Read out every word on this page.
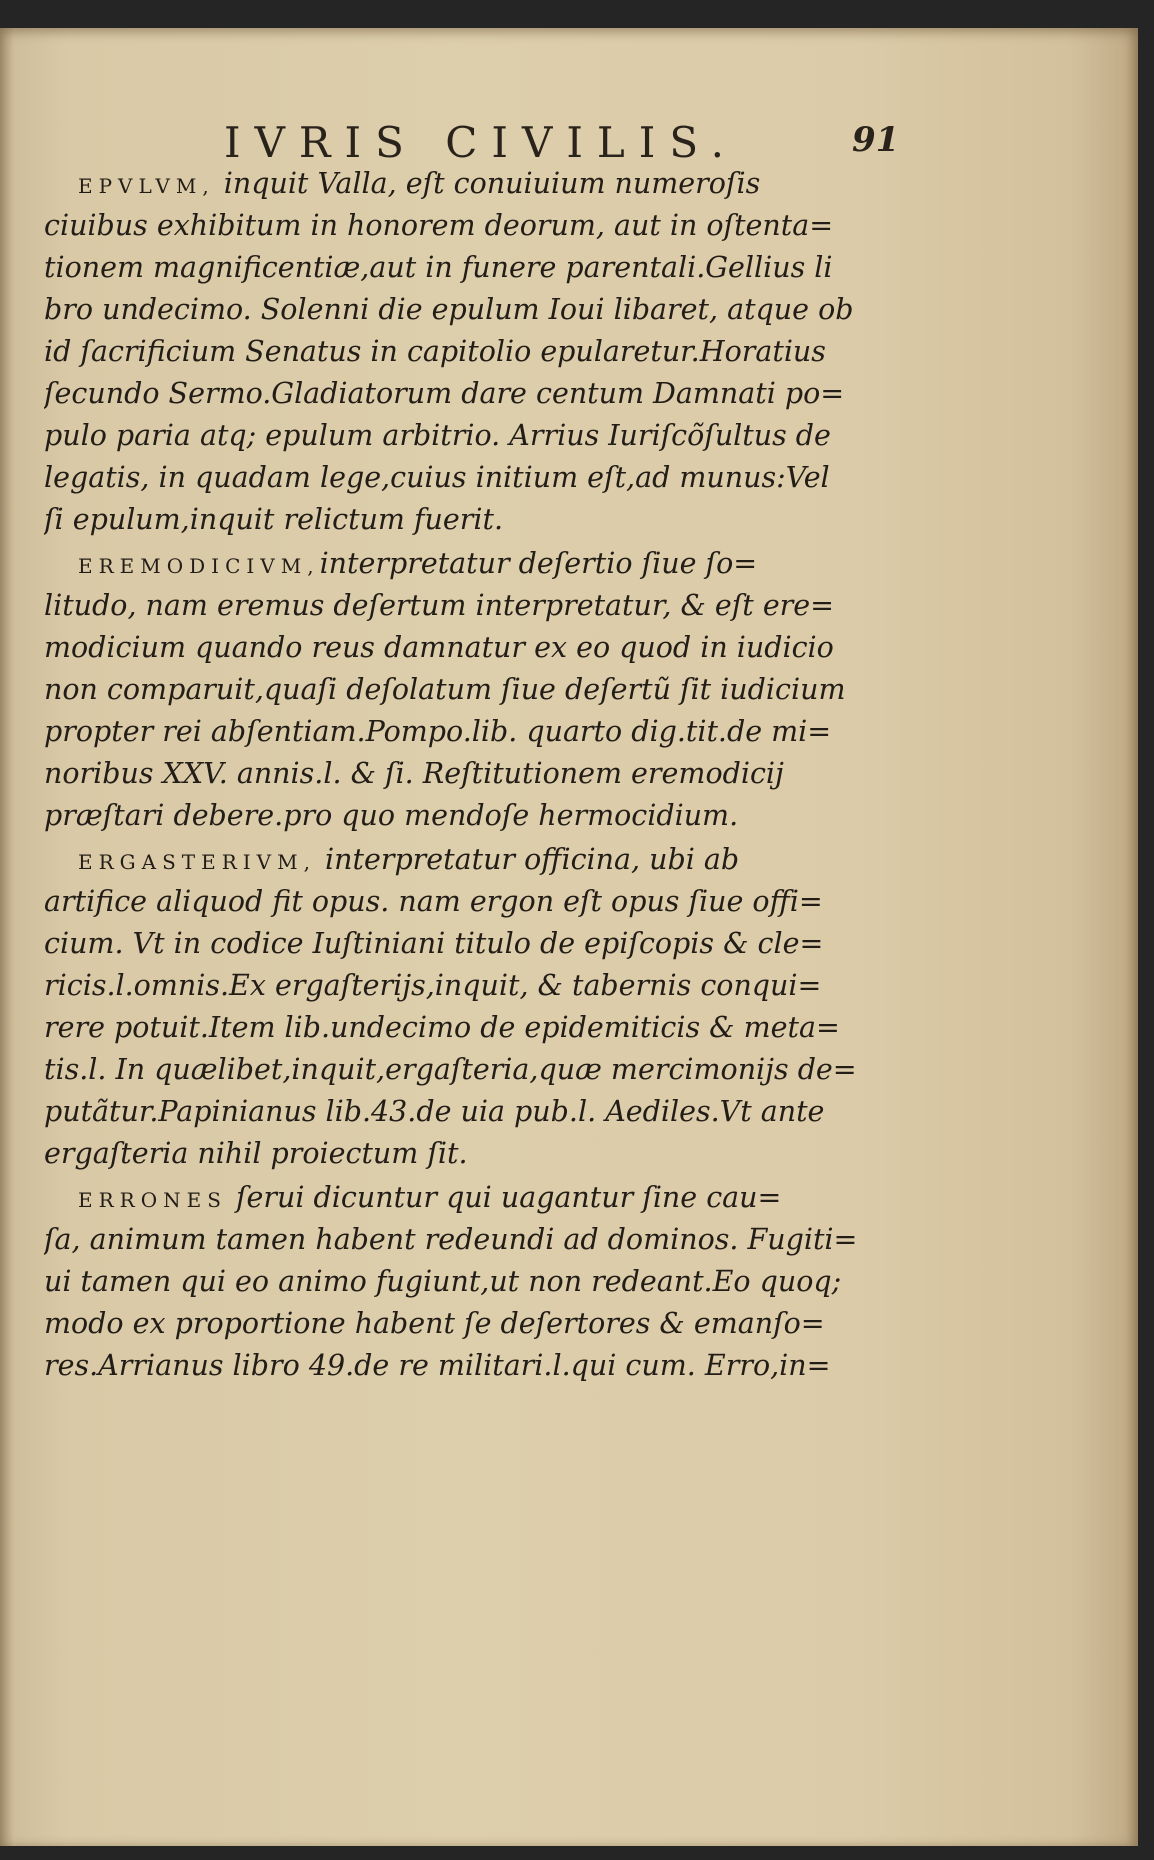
IVRIS CIVILIS.	91
EPVLVM, inquit Valla, eſt conuiuium numeroſis
ciuibus exhibitum in honorem deorum, aut in oſtenta=
tionem magnificentiæ,aut in funere parentali.Gellius li
bro undecimo. Solenni die epulum Ioui libaret, atque ob
id ſacrificium Senatus in capitolio epularetur.Horatius
ſecundo Sermo.Gladiatorum dare centum Damnati po=
pulo paria atq; epulum arbitrio. Arrius Iuriſcõſultus de
legatis, in quadam lege,cuius initium eſt,ad munus:Vel
ſi epulum,inquit relictum fuerit.
EREMODICIVM,interpretatur deſertio ſiue ſo=
litudo, nam eremus deſertum interpretatur, & eſt ere=
modicium quando reus damnatur ex eo quod in iudicio
non comparuit,quaſi deſolatum ſiue deſertũ ſit iudicium
propter rei abſentiam.Pompo.lib. quarto dig.tit.de mi=
noribus XXV. annis.l. & ſi. Reſtitutionem eremodicij
præſtari debere.pro quo mendoſe hermocidium.
ERGASTERIVM, interpretatur officina, ubi ab
artifice aliquod fit opus. nam ergon eſt opus ſiue offi=
cium. Vt in codice Iuſtiniani titulo de epiſcopis & cle=
ricis.l.omnis.Ex ergaſterijs,inquit, & tabernis conqui=
rere potuit.Item lib.undecimo de epidemiticis & meta=
tis.l. In quælibet,inquit,ergaſteria,quæ mercimonijs de=
putãtur.Papinianus lib.43.de uia pub.l. Aediles.Vt ante
ergaſteria nihil proiectum ſit.
ERRONES ſerui dicuntur qui uagantur ſine cau=
ſa, animum tamen habent redeundi ad dominos. Fugiti=
ui tamen qui eo animo fugiunt,ut non redeant.Eo quoq;
modo ex proportione habent ſe deſertores & emanſo=
res.Arrianus libro 49.de re militari.l.qui cum. Erro,in=
